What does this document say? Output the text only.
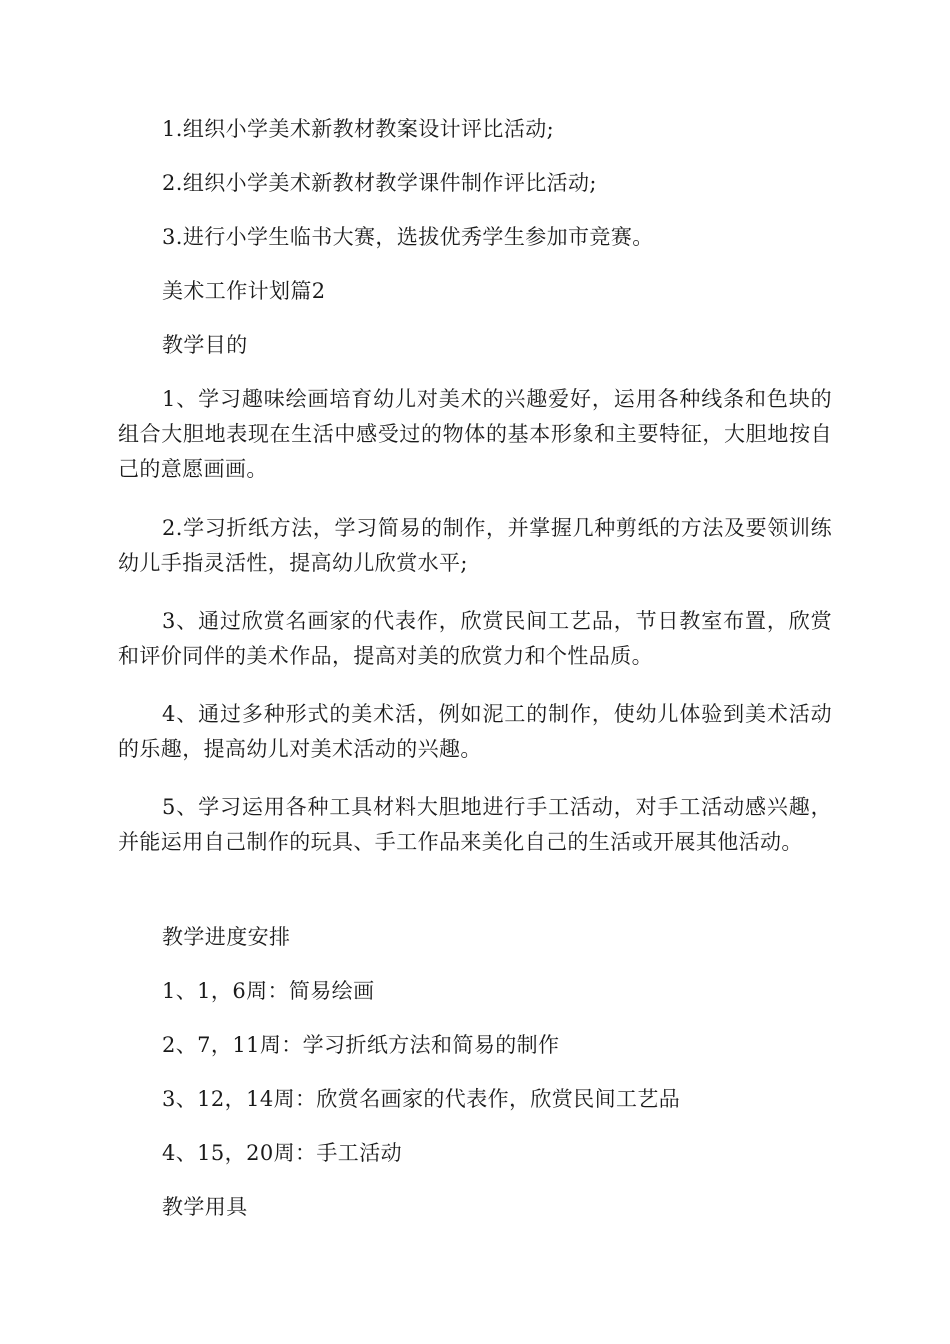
1.组织小学美术新教材教案设计评比活动;

2.组织小学美术新教材教学课件制作评比活动;

3.进行小学生临书大赛，选拔优秀学生参加市竞赛。

美术工作计划篇2

教学目的

1、学习趣味绘画培育幼儿对美术的兴趣爱好，运用各种线条和色块的组合大胆地表现在生活中感受过的物体的基本形象和主要特征，大胆地按自己的意愿画画。

2.学习折纸方法，学习简易的制作，并掌握几种剪纸的方法及要领训练幼儿手指灵活性，提高幼儿欣赏水平;

3、通过欣赏名画家的代表作，欣赏民间工艺品，节日教室布置，欣赏和评价同伴的美术作品，提高对美的欣赏力和个性品质。

4、通过多种形式的美术活，例如泥工的制作，使幼儿体验到美术活动的乐趣，提高幼儿对美术活动的兴趣。

5、学习运用各种工具材料大胆地进行手工活动，对手工活动感兴趣，并能运用自己制作的玩具、手工作品来美化自己的生活或开展其他活动。

教学进度安排

1、1，6周：简易绘画

2、7，11周：学习折纸方法和简易的制作

3、12，14周：欣赏名画家的代表作，欣赏民间工艺品

4、15，20周：手工活动

教学用具
